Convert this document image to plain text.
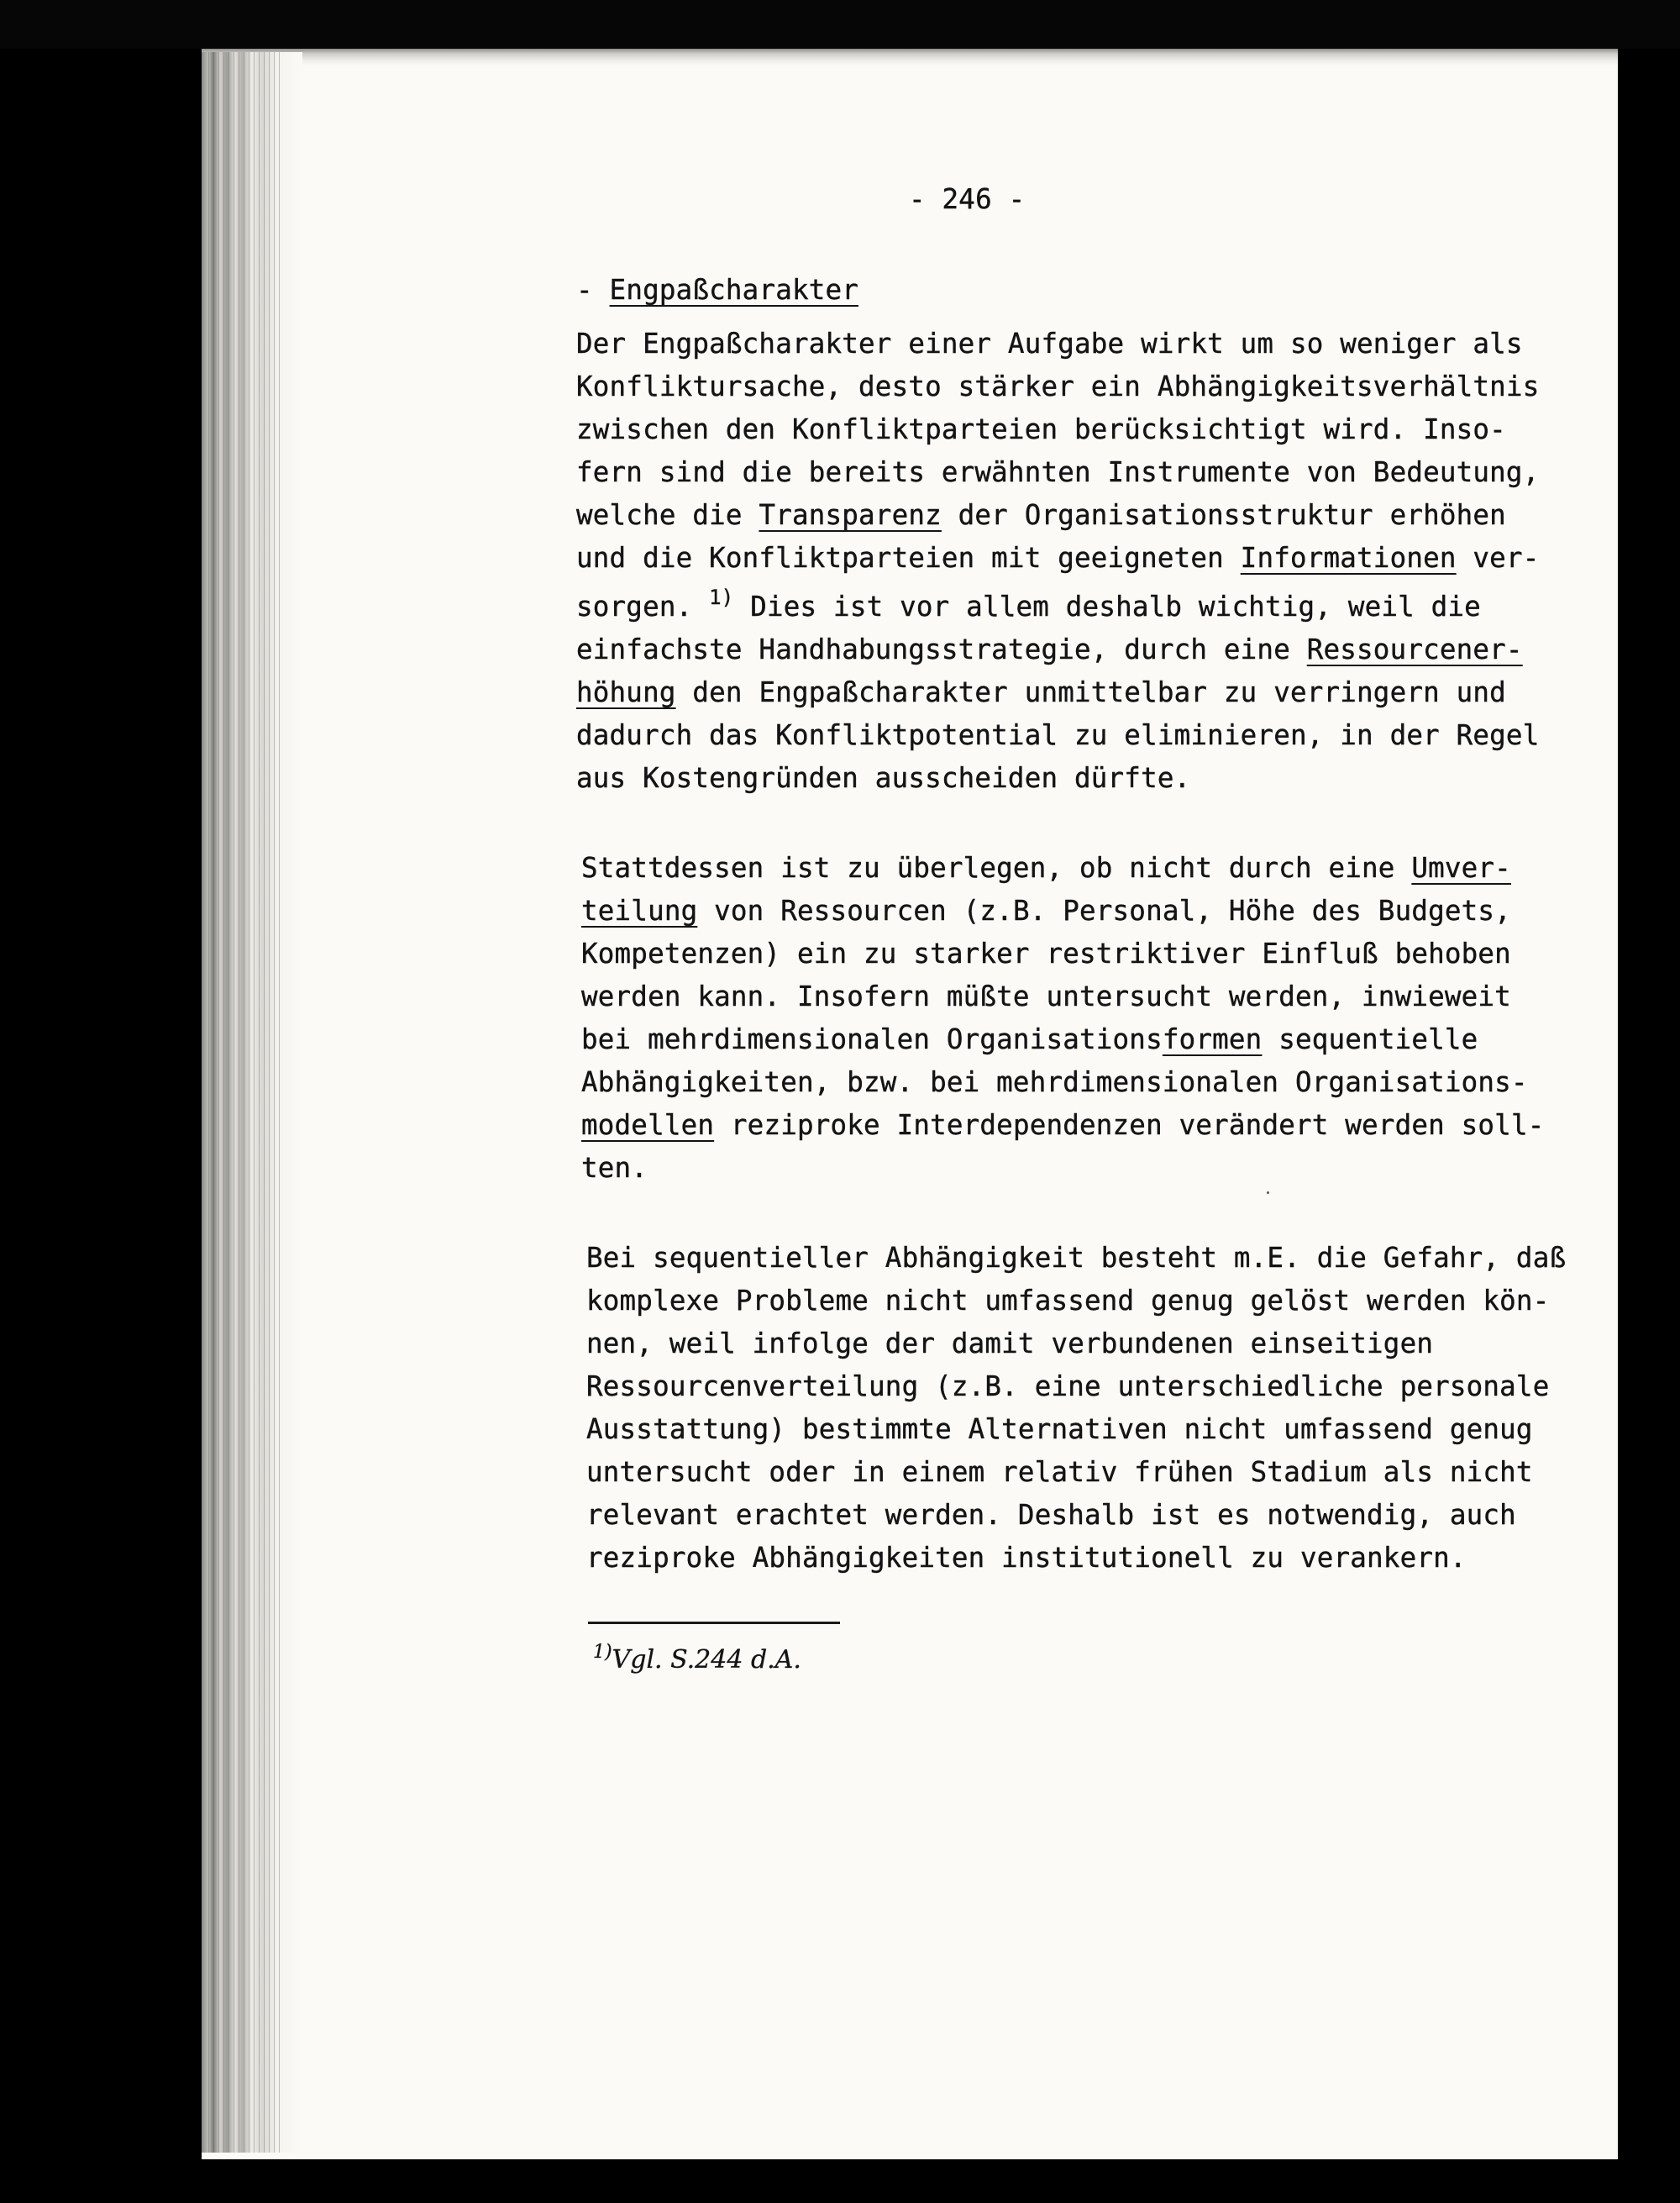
- 246 -
- Engpaßcharakter
Der Engpaßcharakter einer Aufgabe wirkt um so weniger als
Konfliktursache, desto stärker ein Abhängigkeitsverhältnis
zwischen den Konfliktparteien berücksichtigt wird. Inso-
fern sind die bereits erwähnten Instrumente von Bedeutung,
welche die Transparenz der Organisationsstruktur erhöhen
und die Konfliktparteien mit geeigneten Informationen ver-
sorgen. $^{1)}$ Dies ist vor allem deshalb wichtig, weil die
einfachste Handhabungsstrategie, durch eine Ressourcener-
höhung den Engpaßcharakter unmittelbar zu verringern und
dadurch das Konfliktpotential zu eliminieren, in der Regel
aus Kostengründen ausscheiden dürfte.
Stattdessen ist zu überlegen, ob nicht durch eine Umver-
teilung von Ressourcen (z.B. Personal, Höhe des Budgets,
Kompetenzen) ein zu starker restriktiver Einfluß behoben
werden kann. Insofern müßte untersucht werden, inwieweit
bei mehrdimensionalen Organisationsformen sequentielle
Abhängigkeiten, bzw. bei mehrdimensionalen Organisations-
modellen reziproke Interdependenzen verändert werden soll-
ten.
Bei sequentieller Abhängigkeit besteht m.E. die Gefahr, daß
komplexe Probleme nicht umfassend genug gelöst werden kön-
nen, weil infolge der damit verbundenen einseitigen
Ressourcenverteilung (z.B. eine unterschiedliche personale
Ausstattung) bestimmte Alternativen nicht umfassend genug
untersucht oder in einem relativ frühen Stadium als nicht
relevant erachtet werden. Deshalb ist es notwendig, auch
reziproke Abhängigkeiten institutionell zu verankern.
$^{1)}$Vgl. S.244 d.A.
